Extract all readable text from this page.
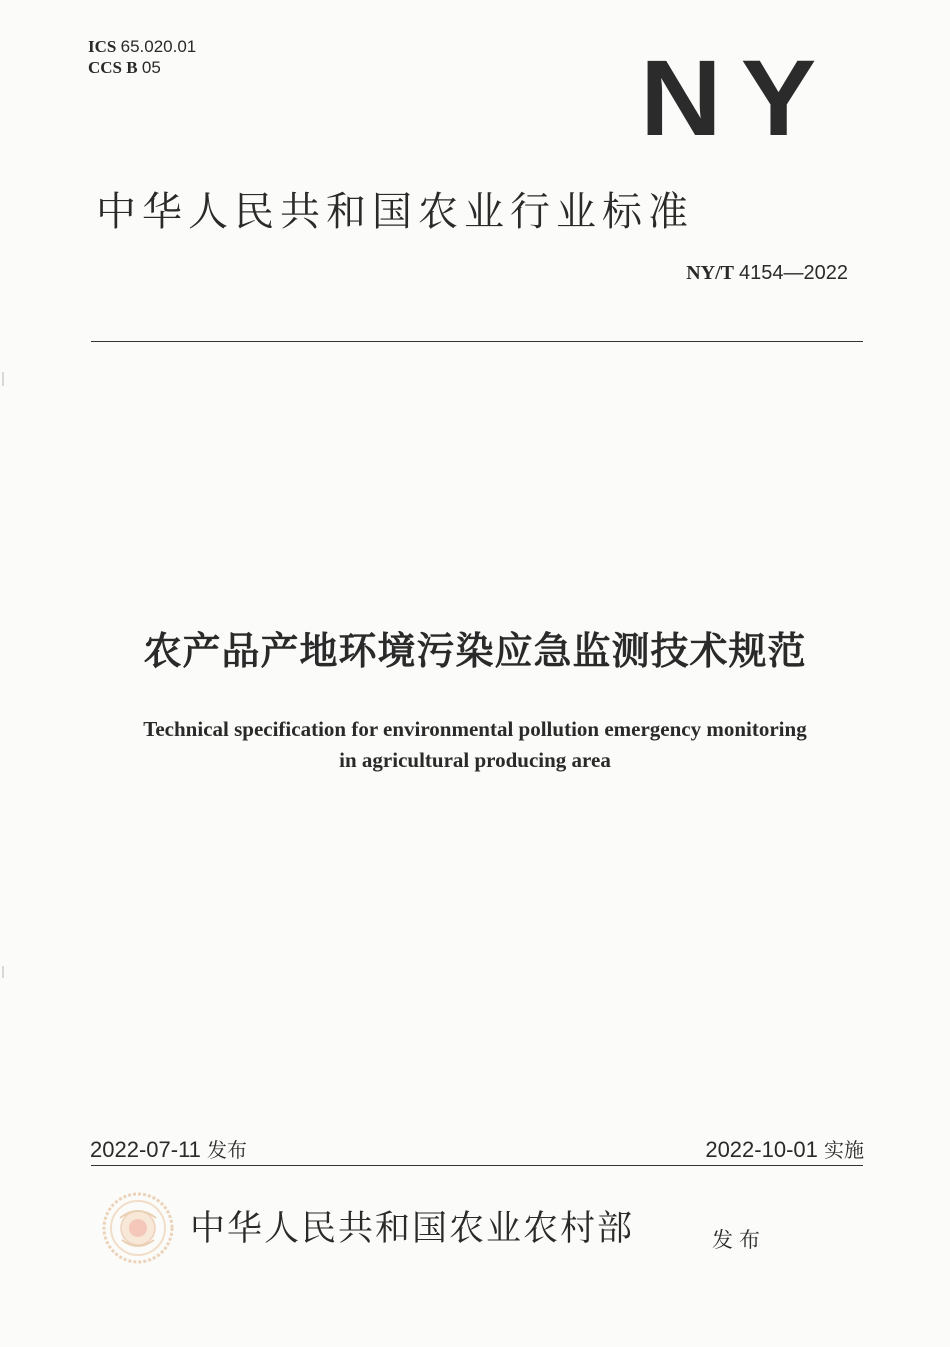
ICS 65.020.01
CCS B 05	NY
中华人民共和国农业行业标准
NY/T 4154—2022
农产品产地环境污染应急监测技术规范
Technical specification for environmental pollution emergency monitoring
in agricultural producing area
2022-07-11 发布	2022-10-01 实施
中华人民共和国农业农村部	发布
